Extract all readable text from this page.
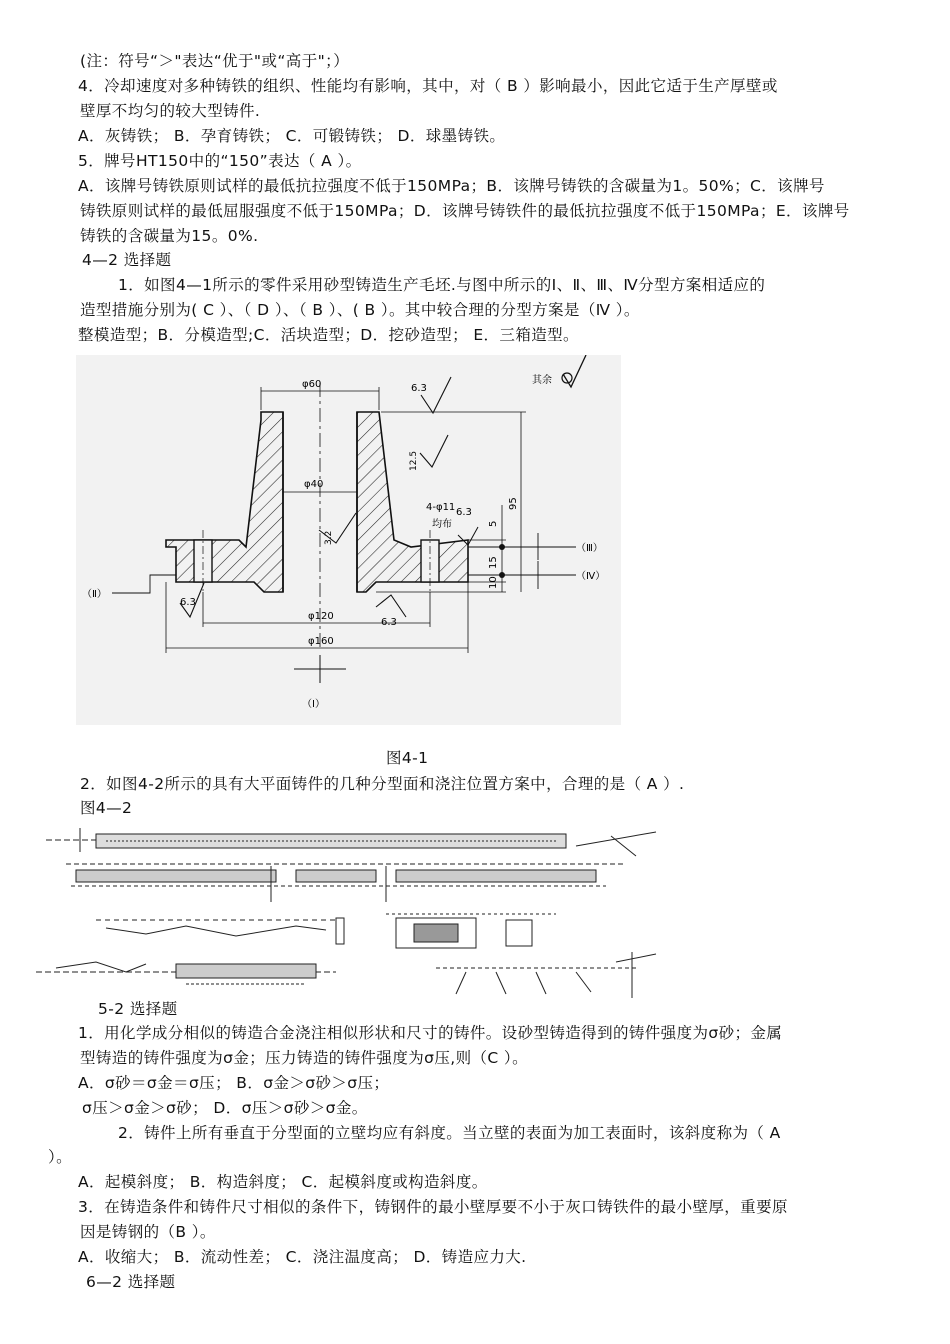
(注：符号“＞"表达“优于"或“高于"；）
4．冷却速度对多种铸铁的组织、性能均有影响，其中，对（ B ）影响最小，因此它适于生产厚壁或
壁厚不均匀的较大型铸件.
A．灰铸铁； B．孕育铸铁； C．可锻铸铁； D．球墨铸铁。
5．牌号HT150中的“150”表达（ A ）。
A．该牌号铸铁原则试样的最低抗拉强度不低于150MPa；B．该牌号铸铁的含碳量为1。50%；C．该牌号
铸铁原则试样的最低屈服强度不低于150MPa；D．该牌号铸铁件的最低抗拉强度不低于150MPa；E．该牌号
铸铁的含碳量为15。0%.
4—2 选择题
1．如图4—1所示的零件采用砂型铸造生产毛坯.与图中所示的Ⅰ、Ⅱ、Ⅲ、Ⅳ分型方案相适应的
造型措施分别为( C ）、（ D ）、（ B ）、( B ）。其中较合理的分型方案是（Ⅳ ）。
整模造型；B．分模造型;C．活块造型；D．挖砂造型； E．三箱造型。
φ60
φ40
φ120
φ160
95
5
15
10
（Ⅲ）
（Ⅳ）
（Ⅱ）
（Ⅰ）
6.3
12.5
4-φ11
均布
6.3
3.2
6.3
6.3
其余
图4-1
2．如图4-2所示的具有大平面铸件的几种分型面和浇注位置方案中，合理的是（ A ）.
图4—2
5-2 选择题
1．用化学成分相似的铸造合金浇注相似形状和尺寸的铸件。设砂型铸造得到的铸件强度为σ砂；金属
型铸造的铸件强度为σ金；压力铸造的铸件强度为σ压,则（C ）。
A．σ砂＝σ金＝σ压； B．σ金＞σ砂＞σ压；
σ压＞σ金＞σ砂； D．σ压＞σ砂＞σ金。
2．铸件上所有垂直于分型面的立壁均应有斜度。当立壁的表面为加工表面时，该斜度称为（ A
）。
A．起模斜度； B．构造斜度； C．起模斜度或构造斜度。
3．在铸造条件和铸件尺寸相似的条件下，铸钢件的最小壁厚要不小于灰口铸铁件的最小壁厚，重要原
因是铸钢的（B ）。
A．收缩大； B．流动性差； C．浇注温度高； D．铸造应力大.
6—2 选择题
